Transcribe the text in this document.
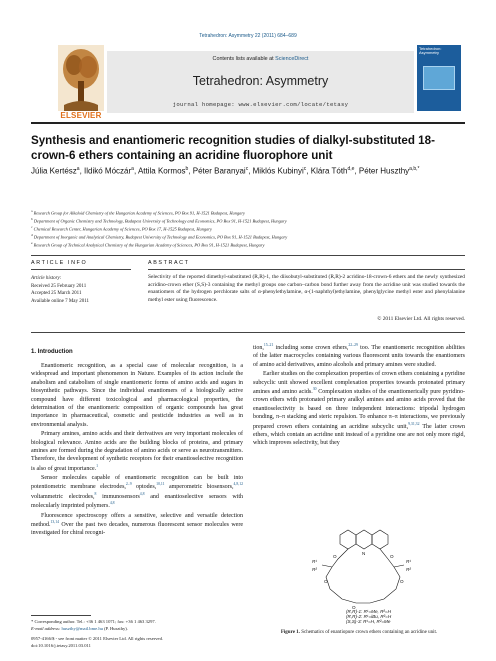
Tetrahedron: Asymmetry 22 (2011) 684–689
ELSEVIER
Contents lists available at ScienceDirect
Tetrahedron: Asymmetry
journal homepage: www.elsevier.com/locate/tetasy
Tetrahedron: Asymmetry
Synthesis and enantiomeric recognition studies of dialkyl-substituted 18-crown-6 ethers containing an acridine fluorophore unit
Júlia Kertész$^a$, Ildikó Móczár$^a$, Attila Kormos$^b$, Péter Baranyai$^c$, Miklós Kubinyi$^c$, Klára Tóth$^{d,e}$, Péter Huszthy$^{a,b,*}$
$^a$ Research Group for Alkaloid Chemistry of the Hungarian Academy of Sciences, PO Box 91, H-1521 Budapest, Hungary
$^b$ Department of Organic Chemistry and Technology, Budapest University of Technology and Economics, PO Box 91, H-1521 Budapest, Hungary
$^c$ Chemical Research Center, Hungarian Academy of Sciences, PO Box 17, H-1525 Budapest, Hungary
$^d$ Department of Inorganic and Analytical Chemistry, Budapest University of Technology and Economics, PO Box 91, H-1521 Budapest, Hungary
$^e$ Research Group of Technical Analytical Chemistry of the Hungarian Academy of Sciences, PO Box 91, H-1521 Budapest, Hungary
ARTICLE INFO
Article history:
Received 25 February 2011
Accepted 25 March 2011
Available online 7 May 2011
ABSTRACT
Selectivity of the reported dimethyl-substituted (R,R)-1, the diisobutyl-substituted (R,R)-2 acridino-18-crown-6 ethers and the newly synthesized acridino-crown ether (S,S)-3 containing the methyl groups one carbon–carbon bond further away from the acridine unit was studied towards the enantiomers of the hydrogen perchlorate salts of α-phenylethylamine, α-(1-naphthyl)ethylamine, phenylglycine methyl ester and phenylalanine methyl ester using fluorescence.
© 2011 Elsevier Ltd. All rights reserved.
1. Introduction

Enantiomeric recognition, as a special case of molecular recognition, is a widespread and important phenomenon in Nature. Examples of its action include the anabolism and catabolism of single enantiomeric forms of amino acids and sugars in biosynthetic pathways. Since the individual enantiomers of a biologically active compound have different toxicological and pharmacological properties, the determination of the enantiomeric composition of organic compounds has great importance in pharmaceutical, cosmetic and pesticide industries as well as in environmental analysis.

Primary amines, amino acids and their derivatives are very important molecules of biological relevance. Amino acids are the building blocks of proteins, and primary amines are formed during the degradation of amino acids or serve as neurotransmitters. Therefore, the development of synthetic receptors for their enantioselective recognition is also of great importance.$^1$

Sensor molecules capable of enantiomeric recognition can be built into potentiometric membrane electrodes,$^{2-9}$ optodes,$^{10,11}$ amperometric biosensors,$^{4,8,12}$ voltammetric electrodes,$^8$ immunosensors$^{4,8}$ and enantioselective sensors with molecularly imprinted polymers.$^{4,8}$

Fluorescence spectroscopy offers a sensitive, selective and versatile detection method.$^{13,14}$ Over the past two decades, numerous fluorescent sensor molecules were investigated for chiral recogni-

tion,$^{15-21}$ including some crown ethers,$^{22-29}$ too. The enantiomeric recognition abilities of the latter macrocycles containing various fluorescent units towards the enantiomers of amino acid derivatives, amino alcohols and primary amines were studied.

Earlier studies on the complexation properties of crown ethers containing a pyridine subcyclic unit showed excellent complexation properties towards protonated primary amines and amino acids.$^{30}$ Complexation studies of the enantiomerically pure pyridino-crown ethers with protonated primary aralkyl amines and amino acids proved that the enantioselectivity is based on three independent interactions: tripodal hydrogen bonding, π–π stacking and steric repulsion. To enhance π–π interactions, we previously prepared crown ethers containing an acridine subcyclic unit,$^{9,31,32}$ The latter crown ethers, which contain an acridine unit instead of a pyridine one are not only more rigid, which improves selectivity, but they

N
O	O
O	O
O
R¹	R¹
R²	R²
(R,R)-1: R¹=Me, R²=H
(R,R)-2: R¹=iBu, R²=H
(S,S)-3: R¹=H, R²=Me
Figure 1. Schematics of enantiopure crown ethers containing an acridine unit.
* Corresponding author. Tel.: +36 1 463 1071; fax: +36 1 463 3297.
E-mail address: huszthy@mail.bme.hu (P. Huszthy).
0957-4166/$ - see front matter © 2011 Elsevier Ltd. All rights reserved.
doi:10.1016/j.tetasy.2011.03.011
